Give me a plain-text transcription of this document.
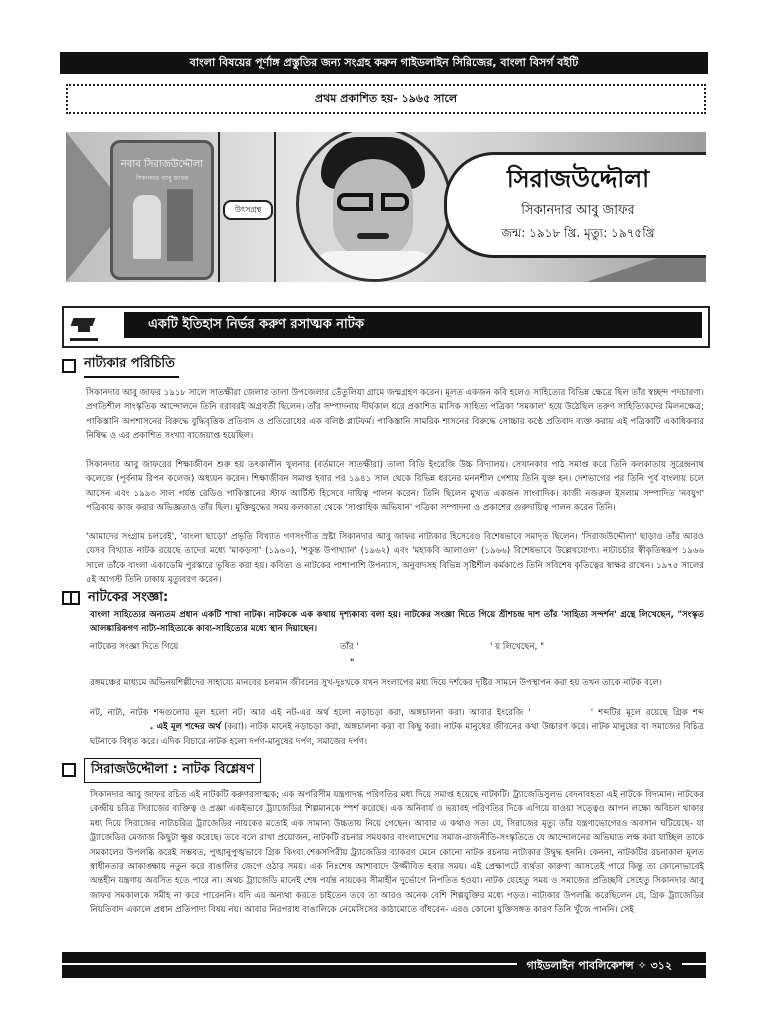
বাংলা বিষয়ের পূর্ণাঙ্গ প্রস্তুতির জন্য সংগ্রহ করুন গাইডলাইন সিরিজের, বাংলা বিসর্গ বইটি
প্রথম প্রকাশিত হয়- ১৯৬৫ সালে
নবাব সিরাজউদ্দৌলা
সিকানদার আবু জাফর
উৎসগ্রন্থ
সিরাজউদ্দৌলা
সিকানদার আবু জাফর
জন্ম: ১৯১৮ খ্রি. মৃত্যু: ১৯৭৫খ্রি
একটি ইতিহাস নির্ভর করুণ রসাত্মক নাটক
নাট্যকার পরিচিতি

সিকানদার আবু জাফর ১৯১৮ সালে সাতক্ষীরা জেলার তালা উপজেলার তেঁতুলিয়া গ্রামে জন্মগ্রহণ করেন। মূলত একজন কবি হলেও সাহিত্যের বিভিন্ন ক্ষেত্রে ছিল তাঁর স্বচ্ছন্দ পদচারণা। প্রগতিশীল সাংস্কৃতিক আন্দোলনে তিনি বরাবরই অগ্রবর্তী ছিলেন। তাঁর সম্পাদনায় দীর্ঘকাল ধরে প্রকাশিত মাসিক সাহিত্য পত্রিকা 'সমকাল' হয়ে উঠেছিল তরুণ সাহিত্যিকদের মিলনক্ষেত্র; পাকিস্তানি অপশাসনের বিরুদ্ধে বুদ্ধিবৃত্তিক প্রতিবাদ ও প্রতিরোধের এক বলিষ্ঠ প্লাটফর্ম। পাকিস্তানি সামরিক শাসনের বিরুদ্ধে সোচ্চার কণ্ঠে প্রতিবাদ ব্যক্ত করায় এই পত্রিকাটি একাধিকবার নিষিদ্ধ ও এর প্রকাশিত সংখ্যা বাজেয়াপ্ত হয়েছিল।

সিকানদার আবু জাফরের শিক্ষাজীবন শুরু হয় তৎকালীন খুলনার (বর্তমানে সাতক্ষীরা) তালা বিডি ইংরেজি উচ্চ বিদ্যালয়। সেখানকার পাঠ সমাপ্ত করে তিনি কলকাতায় সুরেন্দ্রনাথ কলেজে (পূর্বনাম রিপন কলেজ) অধ্যয়ন করেন। শিক্ষাজীবন সমাপ্ত হবার পর ১৯৪১ সাল থেকে বিভিন্ন ধরনের মননশীল পেশায় তিনি যুক্ত হন। দেশভাগের পর তিনি পূর্ব বাংলায় চলে আসেন এবং ১৯৯৩ সাল পর্যন্ত রেডিও পাকিস্তানের স্টাফ আর্টিস্ট হিসেবে দায়িত্ব পালন করেন। তিনি ছিলেন মুখ্যত একজন সাংবাদিক। কাজী নজরুল ইসলাম সম্পাদিত 'নবযুগ' পত্রিকায় কাজ করার অভিজ্ঞতাও তাঁর ছিল। মুক্তিযুদ্ধের সময় কলকাতা থেকে 'সাপ্তাহিক অভিযান' পত্রিকা সম্পাদনা ও প্রকাশের গুরুদায়িত্ব পালন করেন তিনি।

'আমাদের সংগ্রাম চলবেই', 'বাংলা ছাড়ো' প্রভৃতি বিখ্যাত গণসংগীত স্রষ্টা সিকানদার আবু জাফর নাট্যকার হিসেবেও বিশেষভাবে সমাদৃত ছিলেন। 'সিরাজউদ্দৌলা' ছাড়াও তাঁর আরও যেসব বিখ্যাত নাটক রয়েছে তাদের মধ্যে 'মাকড়সা' (১৯৬০), 'শকুন্ত উপাখ্যান' (১৯৬২) এবং 'মহাকবি আলাওল' (১৯৬৬) বিশেষভাবে উল্লেখযোগ্য। নাট্যচর্চার স্বীকৃতিস্বরূপ ১৯৬৬ সালে তাঁকে বাংলা একাডেমি পুরস্কারে ভূষিত করা হয়। কবিতা ও নাটকের পাশাপাশি উপন্যাস, অনুবাদসহ বিভিন্ন সৃষ্টিশীল কর্মকাণ্ডে তিনি সবিশেষ কৃতিত্বের স্বাক্ষর রাখেন। ১৯৭৫ সালের ৫ই আগস্ট তিনি ঢাকায় মৃত্যুবরণ করেন।

নাটকের সংজ্ঞা:

বাংলা সাহিত্যের অন্যতম প্রধান একটি শাখা নাটক। নাটককে এক কথায় দৃশ্যকাব্য বলা হয়। নাটকের সংজ্ঞা দিতে গিয়ে শ্রীশচন্দ্র দাশ তাঁর 'সাহিত্য সন্দর্শন' গ্রন্থে লিখেছেন, "সংস্কৃত আলঙ্কারিকগণ নাট্য-সাহিত্যকে কাব্য-সাহিত্যের মধ্যে স্থান দিয়াছেন।

নাটকের সংজ্ঞা দিতে গিয়ে	তাঁর '	' য় লিখেছেন, "
"

রঙ্গমঞ্চের মাধ্যমে অভিনয়শিল্পীদের সাহায্যে মানবের চলমান জীবনের সুখ-দুঃখকে যখন সংলাপের মধ্য দিয়ে দর্শকের দৃষ্টির সামনে উপস্থাপন করা হয় তখন তাকে নাটক বলে।

নট, নাট্য, নাটক শব্দগুলোর মূল হলো নট। আর এই নট-এর অর্থ হলো নড়াচড়া করা, অঙ্গচালনা করা। আবার ইংরেজি '	' শব্দটির মূলে রয়েছে গ্রিক শব্দ. এই মূল শব্দের অর্থ (করা)। নাটক মানেই নড়াচড়া করা, অঙ্গচালনা করা বা কিছু করা। নাটক মানুষের জীবনের কথা উচ্চারণ করে। নাটক মানুষের বা সমাজের বিচিত্র ঘটনাকে বিধৃত করে। এদিক বিচারে নাটক হলো দর্পণ-মানুষের দর্পণ, সমাজের দর্পণ।

সিরাজউদ্দৌলা : নাটক বিশ্লেষণ

সিকানদার আবু জাফর রচিত এই নাটকটি করুণরসাত্মক; এক অপরিসীম যন্ত্রণাদগ্ধ পরিণতির মধ্য দিয়ে সমাপ্ত হয়েছে নাটকটি। ট্র্যাজেডিসুলভ বেদনাবহতা এই নাটকে বিদ্যমান। নাটকের কেন্দ্রীয় চরিত্র সিরাজের ব্যক্তিত্ব ও প্রজ্ঞা একইভাবে ট্র্যাজেডির শিল্পমানকে স্পর্শ করেছে। এক অনিবার্য ও ভয়াবহ পরিণতির দিকে এগিয়ে যাওয়া সত্ত্বেও আপন লক্ষ্যে অবিচল থাকার মধ্য দিয়ে সিরাজের নাট্যচরিত্র ট্র্যাজেডির নায়কের মতোই এক সামান্য উচ্চতায় নিয়ে গেছেন। আবার এ কথাও সত্য যে, সিরাজের মৃত্যু তাঁর যন্ত্রণাভোগেরও অবসান ঘটিয়েছে- যা ট্র্যাজেডির মেজাজ কিছুটা ক্ষুণ্ণ করেছে। তবে বলে রাখা প্রয়োজন, নাটকটি রচনার সময়কার বাংলাদেশের সমাজ-রাজনীতি-সংস্কৃতিতে যে আন্দোলনের অভিঘাত লক্ষ করা যাচ্ছিল তাকে সমকালের উপলব্ধি করেই সম্ভবত, পুঙ্খানুপুঙ্খভাবে গ্রিক কিংবা শেকসপিরীয় ট্র্যাজেডির ব্যাকরণ মেনে কোনো নাটক রচনায় নাট্যকার উদ্বুদ্ধ হননি। কেননা, নাটকটির রচনাকাল মূলত স্বাধীনতার আকাঙ্ক্ষায় নতুন করে বাঙালির জেগে ওঠার সময়। এক নিঃশেষ আশাবাদে উজ্জীবিত হবার সময়। এই প্রেক্ষাপটে ব্যর্থতা কারুণ্য আসতেই পারে কিন্তু তা কোনোভাবেই অন্তহীন যন্ত্রণায় অবসিত হতে পারে না। অথচ ট্র্যাজেডি মানেই শেষ পর্যন্ত নায়কের সীমাহীন দুর্ভোগে নিপতিত হওয়া। নাটক যেহেতু সময় ও সমাজের প্রতিচ্ছবি সেহেতু সিকানদার আবু জাফর সমকালকে সমীহ না করে পারেননি। যদি এর অন্যথা করতে চাইতেন তবে তা আরও অনেক বেশি শিল্পযুক্তির মধ্যে পড়ত। নাট্যকার উপলব্ধি করেছিলেন যে, গ্রিক ট্র্যাজেডির নিয়তিবাদ একালে প্রধান প্রতিপাদ্য বিষয় নয়। আবার নিরপরাধ বাঙালিকে নেমেসিসের কাঠামোতে বাঁধবেন- এরও কোনো যুক্তিসঙ্গত কারণ তিনি খুঁজে পাননি। সেই

গাইডলাইন পাবলিকেশন্স ✧ ৩১২
